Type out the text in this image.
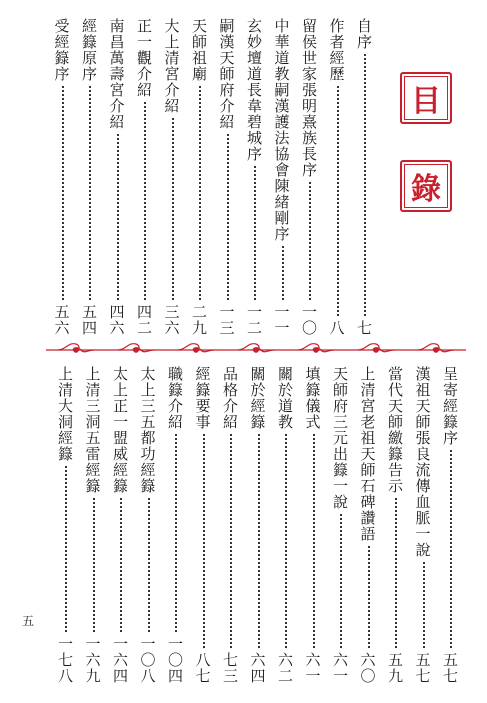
目
錄
自序
七
作者經歷
八
留侯世家張明熹族長序
一〇
中華道教嗣漢護法協會陳緒剛序
一一
玄妙壇道長韋碧城序
一二
嗣漢天師府介紹
一三
天師祖廟
二九
大上清宮介紹
三六
正一觀介紹
四二
南昌萬壽宮介紹
四六
經籙原序
五四
受經籙序
五六
呈寄經籙序
五七
漢祖天師張良流傳血脈一說
五七
當代天師繳籙告示
五九
上清宮老祖天師石碑讚語
六〇
天師府三元出籙一說
六一
填籙儀式
六一
關於道教
六二
關於經籙
六四
品格介紹
七三
經籙要事
八七
職籙介紹
一〇四
太上三五都功經籙
一〇八
太上正一盟威經籙
一六四
上清三洞五雷經籙
一六九
上清大洞經籙
一七八
五
